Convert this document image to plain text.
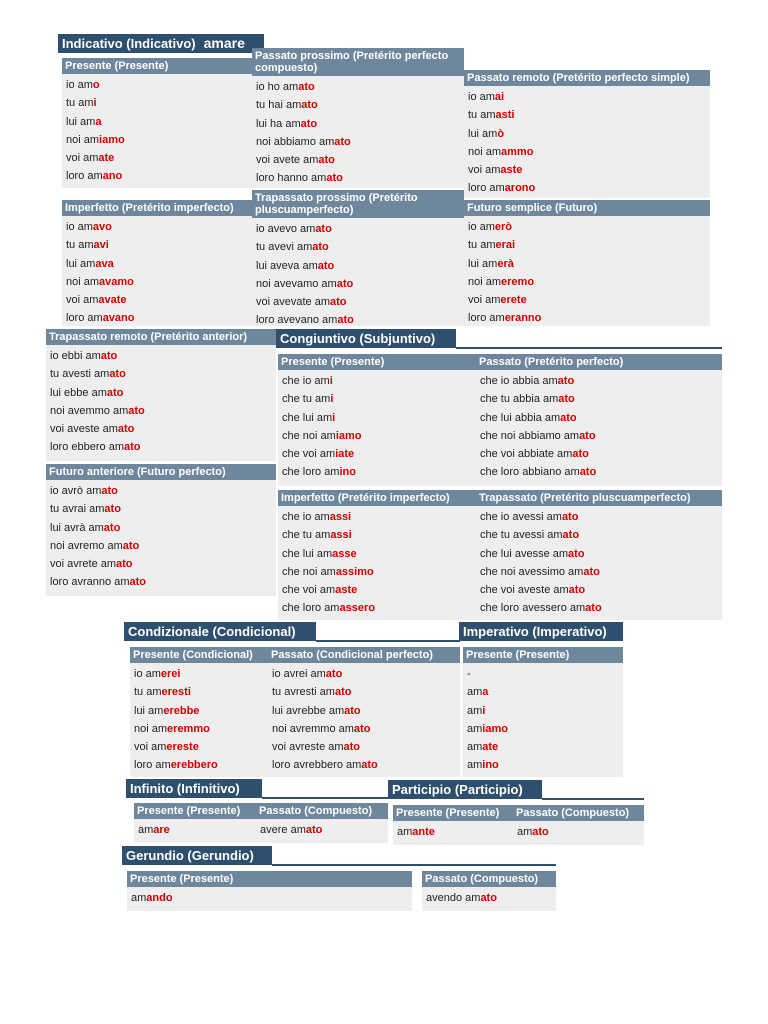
Indicativo (Indicativo) amare
Presente (Presente)
io amo
tu ami
lui ama
noi amiamo
voi amate
loro amano
Passato prossimo (Pretérito perfecto compuesto)
io ho amato
tu hai amato
lui ha amato
noi abbiamo amato
voi avete amato
loro hanno amato
Passato remoto (Pretérito perfecto simple)
io amai
tu amasti
lui amò
noi amammo
voi amaste
loro amarono
Imperfetto (Pretérito imperfecto)
io amavo
tu amavi
lui amava
noi amavamo
voi amavate
loro amavano
Trapassato prossimo (Pretérito pluscuamperfecto)
io avevo amato
tu avevi amato
lui aveva amato
noi avevamo amato
voi avevate amato
loro avevano amato
Futuro semplice (Futuro)
io amerò
tu amerai
lui amerà
noi ameremo
voi amerete
loro ameranno
Trapassato remoto (Pretérito anterior)
io ebbi amato
tu avesti amato
lui ebbe amato
noi avemmo amato
voi aveste amato
loro ebbero amato
Futuro anteriore (Futuro perfecto)
io avrò amato
tu avrai amato
lui avrà amato
noi avremo amato
voi avrete amato
loro avranno amato
Congiuntivo (Subjuntivo)
Presente (Presente)
che io ami
che tu ami
che lui ami
che noi amiamo
che voi amiate
che loro amino
Passato (Pretérito perfecto)
che io abbia amato
che tu abbia amato
che lui abbia amato
che noi abbiamo amato
che voi abbiate amato
che loro abbiano amato
Imperfetto (Pretérito imperfecto)
che io amassi
che tu amassi
che lui amasse
che noi amassimo
che voi amaste
che loro amassero
Trapassato (Pretérito pluscuamperfecto)
che io avessi amato
che tu avessi amato
che lui avesse amato
che noi avessimo amato
che voi aveste amato
che loro avessero amato
Condizionale (Condicional)
Presente (Condicional)
io amerei
tu ameresti
lui amerebbe
noi ameremmo
voi amereste
loro amerebbero
Passato (Condicional perfecto)
io avrei amato
tu avresti amato
lui avrebbe amato
noi avremmo amato
voi avreste amato
loro avrebbero amato
Imperativo (Imperativo)
Presente (Presente)
-
ama
ami
amiamo
amate
amino
Infinito (Infinitivo)
Presente (Presente)
amare
Passato (Compuesto)
avere amato
Participio (Participio)
Presente (Presente)
amante
Passato (Compuesto)
amato
Gerundio (Gerundio)
Presente (Presente)
amando
Passato (Compuesto)
avendo amato
